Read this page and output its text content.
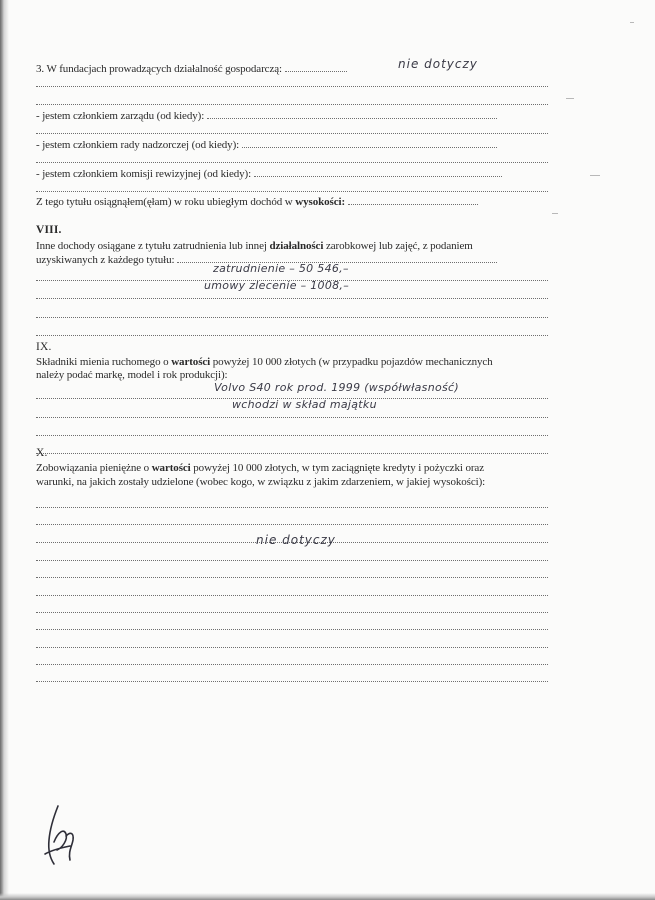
3. W fundacjach prowadzących działalność gospodarczą:	nie dotyczy
- jestem członkiem zarządu (od kiedy):
- jestem członkiem rady nadzorczej (od kiedy):
- jestem członkiem komisji rewizyjnej (od kiedy):
Z tego tytułu osiągnąłem(ęłam) w roku ubiegłym dochód w wysokości:
VIII.
Inne dochody osiągane z tytułu zatrudnienia lub innej działalności zarobkowej lub zajęć, z podaniem
uzyskiwanych z każdego tytułu:
zatrudnienie – 50 546,–
umowy zlecenie – 1008,–
IX.
Składniki mienia ruchomego o wartości powyżej 10 000 złotych (w przypadku pojazdów mechanicznych
należy podać markę, model i rok produkcji):
Volvo S40 rok prod. 1999 (współwłasność)
wchodzi w skład majątku
X.
Zobowiązania pieniężne o wartości powyżej 10 000 złotych, w tym zaciągnięte kredyty i pożyczki oraz
warunki, na jakich zostały udzielone (wobec kogo, w związku z jakim zdarzeniem, w jakiej wysokości):
nie dotyczy
